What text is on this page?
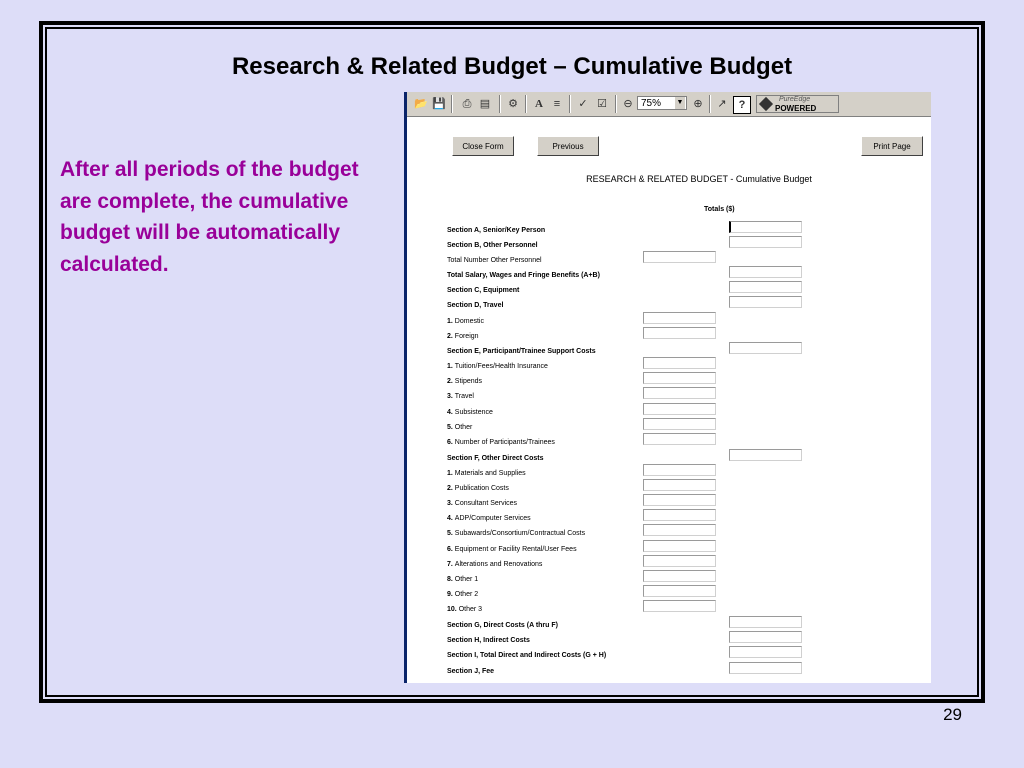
Research & Related Budget – Cumulative Budget

After all periods of the budget are complete, the cumulative budget will be automatically calculated.

29
📂 💾	⎙ ▤ ⚙	A ≡	✓ ☑	⊖ 75%	▼ ⊕	↗	?	PureEdge
POWERED
Close Form	Previous	Print Page
RESEARCH & RELATED BUDGET - Cumulative Budget
Totals ($)
Section A, Senior/Key Person
Section B, Other Personnel
Total Number Other Personnel
Total Salary, Wages and Fringe Benefits (A+B)
Section C, Equipment
Section D, Travel
1. Domestic
2. Foreign
Section E, Participant/Trainee Support Costs
1. Tuition/Fees/Health Insurance
2. Stipends
3. Travel
4. Subsistence
5. Other
6. Number of Participants/Trainees
Section F, Other Direct Costs
1. Materials and Supplies
2. Publication Costs
3. Consultant Services
4. ADP/Computer Services
5. Subawards/Consortium/Contractual Costs
6. Equipment or Facility Rental/User Fees
7. Alterations and Renovations
8. Other 1
9. Other 2
10. Other 3
Section G, Direct Costs (A thru F)
Section H, Indirect Costs
Section I, Total Direct and Indirect Costs (G + H)
Section J, Fee
